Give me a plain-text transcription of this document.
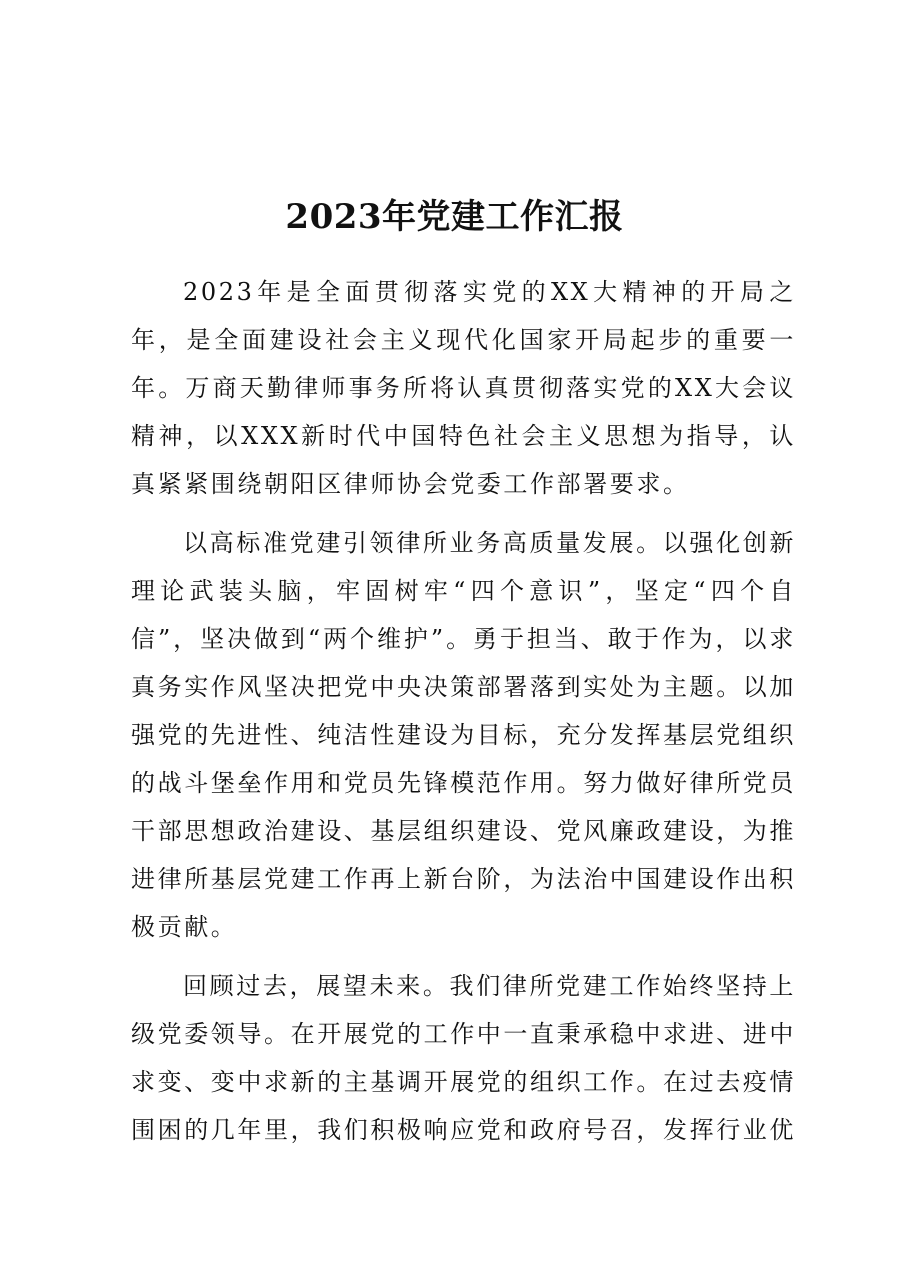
2023年党建工作汇报

2023年是全面贯彻落实党的XX大精神的开局之年，是全面建设社会主义现代化国家开局起步的重要一年。万商天勤律师事务所将认真贯彻落实党的XX大会议精神，以XXX新时代中国特色社会主义思想为指导，认真紧紧围绕朝阳区律师协会党委工作部署要求。

以高标准党建引领律所业务高质量发展。以强化创新理论武装头脑，牢固树牢“四个意识”，坚定“四个自信”，坚决做到“两个维护”。勇于担当、敢于作为，以求真务实作风坚决把党中央决策部署落到实处为主题。以加强党的先进性、纯洁性建设为目标，充分发挥基层党组织的战斗堡垒作用和党员先锋模范作用。努力做好律所党员干部思想政治建设、基层组织建设、党风廉政建设，为推进律所基层党建工作再上新台阶，为法治中国建设作出积极贡献。

回顾过去，展望未来。我们律所党建工作始终坚持上级党委领导。在开展党的工作中一直秉承稳中求进、进中求变、变中求新的主基调开展党的组织工作。在过去疫情围困的几年里，我们积极响应党和政府号召，发挥行业优
